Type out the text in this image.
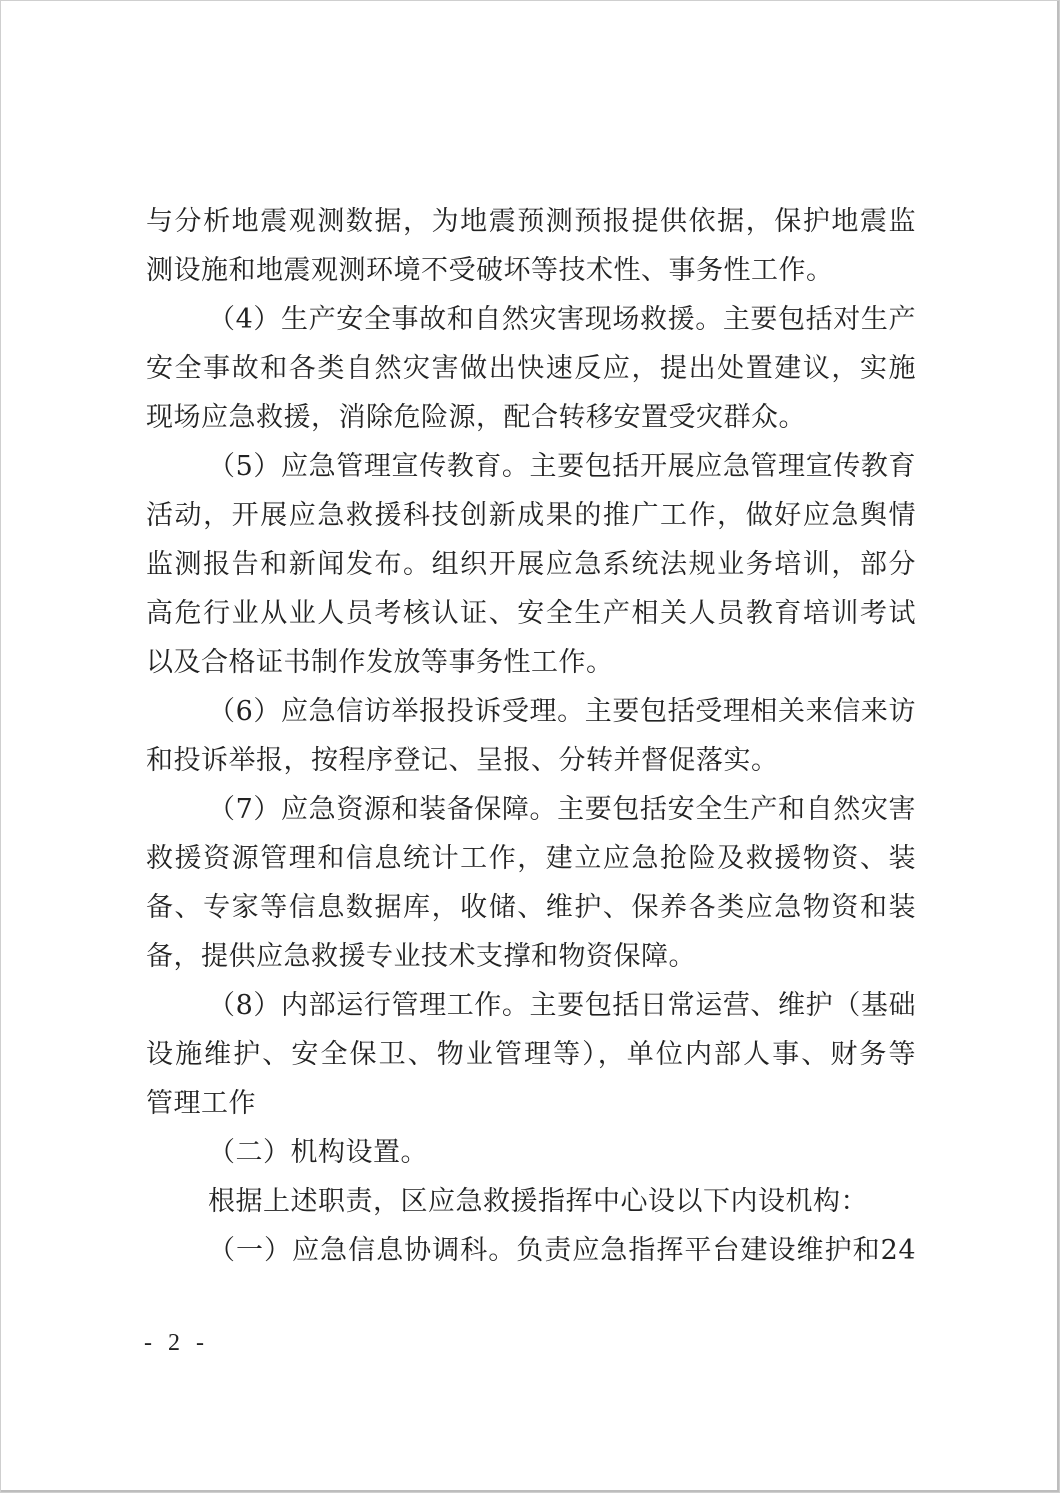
与分析地震观测数据，为地震预测预报提供依据，保护地震监
测设施和地震观测环境不受破坏等技术性、事务性工作。
（4）生产安全事故和自然灾害现场救援。主要包括对生产
安全事故和各类自然灾害做出快速反应，提出处置建议，实施
现场应急救援，消除危险源，配合转移安置受灾群众。
（5）应急管理宣传教育。主要包括开展应急管理宣传教育
活动，开展应急救援科技创新成果的推广工作，做好应急舆情
监测报告和新闻发布。组织开展应急系统法规业务培训，部分
高危行业从业人员考核认证、安全生产相关人员教育培训考试
以及合格证书制作发放等事务性工作。
（6）应急信访举报投诉受理。主要包括受理相关来信来访
和投诉举报，按程序登记、呈报、分转并督促落实。
（7）应急资源和装备保障。主要包括安全生产和自然灾害
救援资源管理和信息统计工作，建立应急抢险及救援物资、装
备、专家等信息数据库，收储、维护、保养各类应急物资和装
备，提供应急救援专业技术支撑和物资保障。
（8）内部运行管理工作。主要包括日常运营、维护（基础
设施维护、安全保卫、物业管理等），单位内部人事、财务等
管理工作
（二）机构设置。
根据上述职责，区应急救援指挥中心设以下内设机构：
（一）应急信息协调科。负责应急指挥平台建设维护和24
- 2 -
